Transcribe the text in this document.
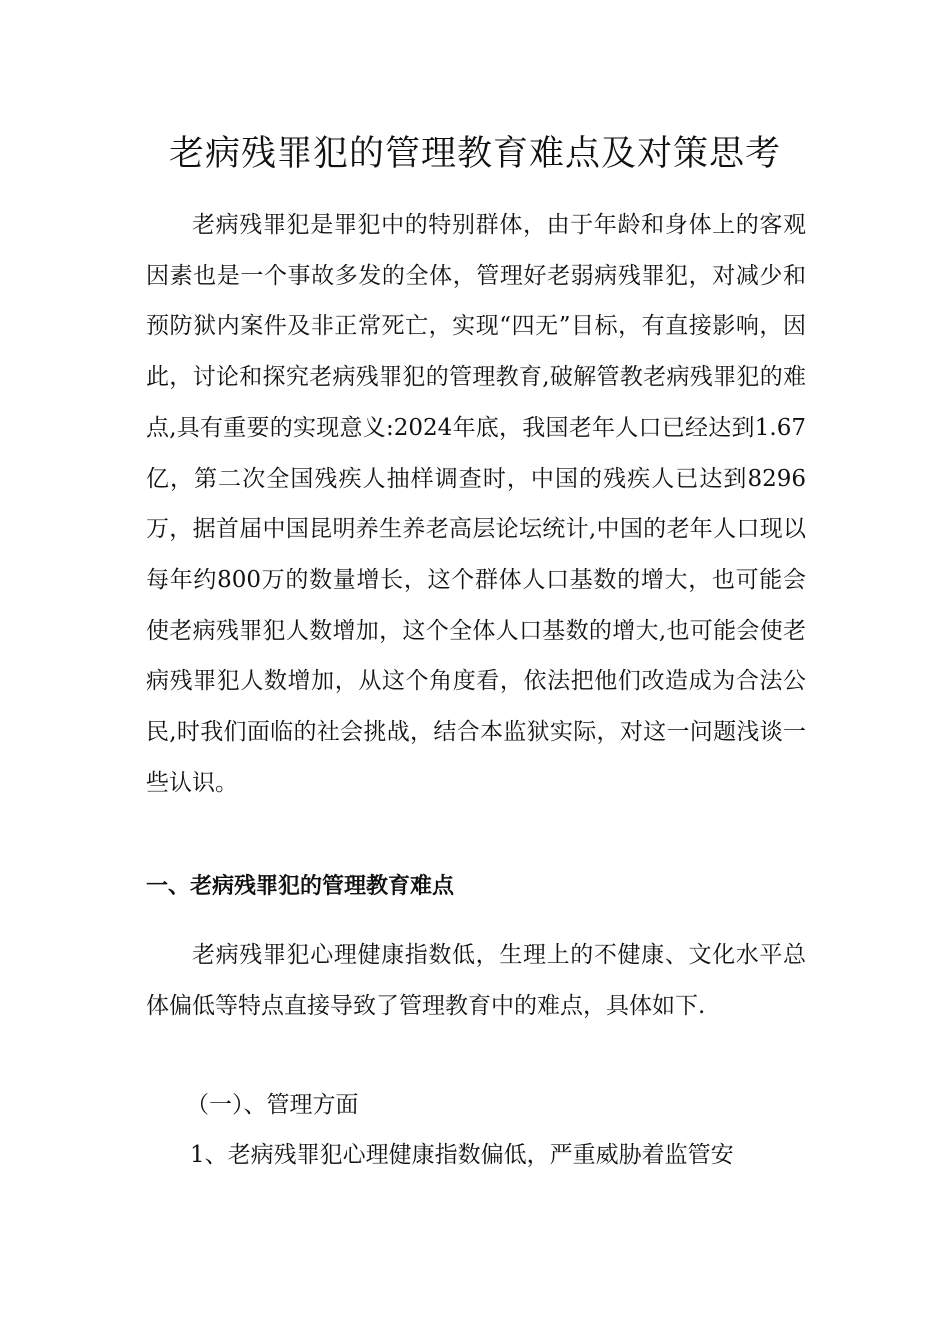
老病残罪犯的管理教育难点及对策思考

老病残罪犯是罪犯中的特别群体，由于年龄和身体上的客观因素也是一个事故多发的全体，管理好老弱病残罪犯，对减少和预防狱内案件及非正常死亡，实现“四无”目标，有直接影响，因此，讨论和探究老病残罪犯的管理教育,破解管教老病残罪犯的难点,具有重要的实现意义:2024年底，我国老年人口已经达到1.67亿，第二次全国残疾人抽样调查时，中国的残疾人已达到8296万，据首届中国昆明养生养老高层论坛统计,中国的老年人口现以每年约800万的数量增长，这个群体人口基数的增大，也可能会使老病残罪犯人数增加，这个全体人口基数的增大,也可能会使老病残罪犯人数增加，从这个角度看，依法把他们改造成为合法公民,时我们面临的社会挑战，结合本监狱实际，对这一问题浅谈一些认识。

一、老病残罪犯的管理教育难点

老病残罪犯心理健康指数低，生理上的不健康、文化水平总体偏低等特点直接导致了管理教育中的难点，具体如下.

（一）、管理方面

1、老病残罪犯心理健康指数偏低，严重威胁着监管安
